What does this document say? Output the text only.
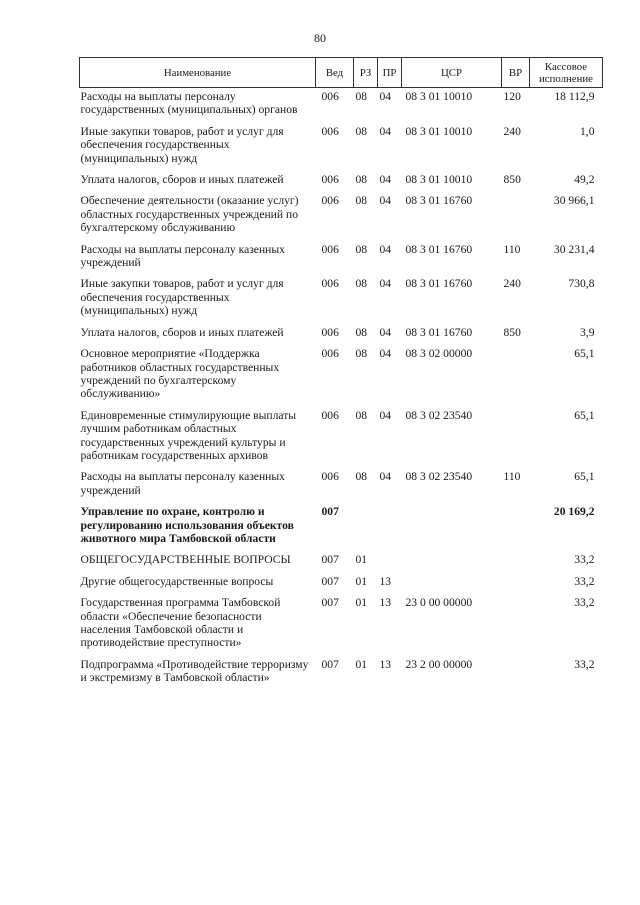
80
Наименование	Вед	РЗ	ПР	ЦСР	ВР	Кассовое исполнение
Расходы на выплаты персоналу государственных (муниципальных) органов	006	08	04	08 3 01 10010	120	18 112,9
Иные закупки товаров, работ и услуг для обеспечения государственных (муниципальных) нужд	006	08	04	08 3 01 10010	240	1,0
Уплата налогов, сборов и иных платежей	006	08	04	08 3 01 10010	850	49,2
Обеспечение деятельности (оказание услуг) областных государственных учреждений по бухгалтерскому обслуживанию	006	08	04	08 3 01 16760		30 966,1
Расходы на выплаты персоналу казенных учреждений	006	08	04	08 3 01 16760	110	30 231,4
Иные закупки товаров, работ и услуг для обеспечения государственных (муниципальных) нужд	006	08	04	08 3 01 16760	240	730,8
Уплата налогов, сборов и иных платежей	006	08	04	08 3 01 16760	850	3,9
Основное мероприятие «Поддержка работников областных государственных учреждений по бухгалтерскому обслуживанию»	006	08	04	08 3 02 00000		65,1
Единовременные стимулирующие выплаты лучшим работникам областных государственных учреждений культуры и работникам государственных архивов	006	08	04	08 3 02 23540		65,1
Расходы на выплаты персоналу казенных учреждений	006	08	04	08 3 02 23540	110	65,1
Управление по охране, контролю и регулированию использования объектов животного мира Тамбовской области	007					20 169,2
ОБЩЕГОСУДАРСТВЕННЫЕ ВОПРОСЫ	007	01				33,2
Другие общегосударственные вопросы	007	01	13			33,2
Государственная программа Тамбовской области «Обеспечение безопасности населения Тамбовской области и противодействие преступности»	007	01	13	23 0 00 00000		33,2
Подпрограмма «Противодействие терроризму и экстремизму в Тамбовской области»	007	01	13	23 2 00 00000		33,2
